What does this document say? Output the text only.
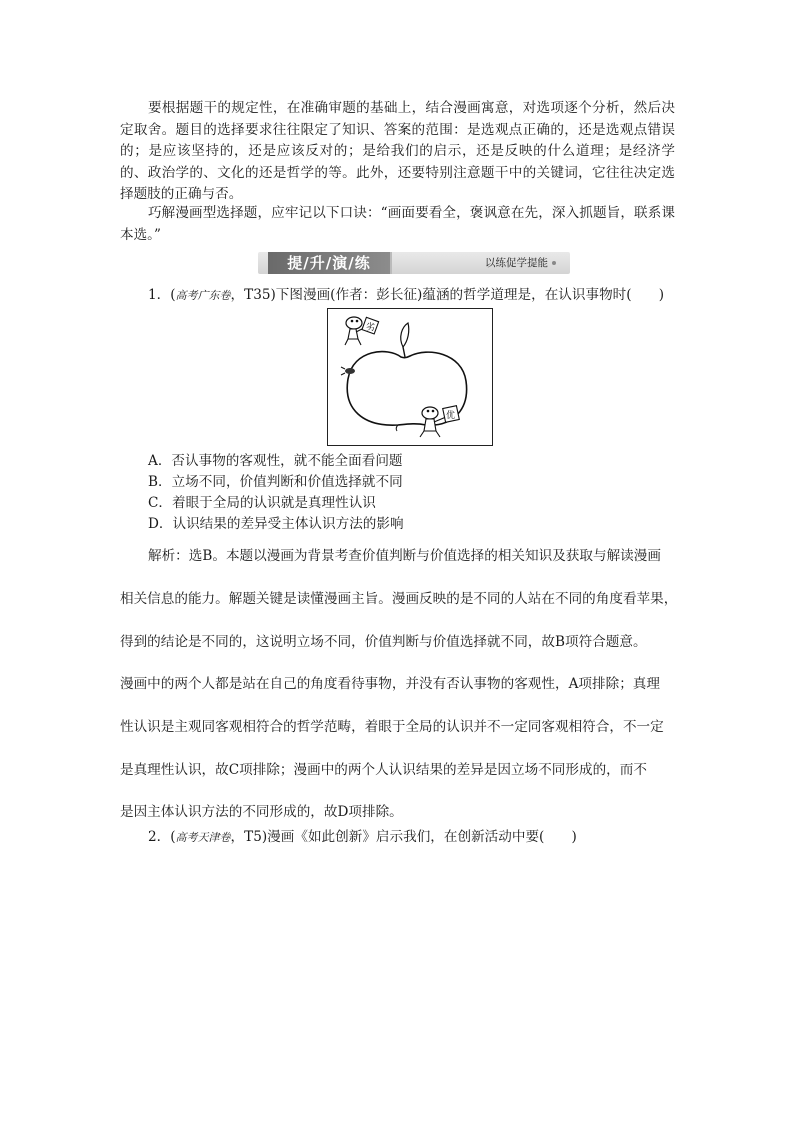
要根据题干的规定性，在准确审题的基础上，结合漫画寓意，对选项逐个分析，然后决定取舍。题目的选择要求往往限定了知识、答案的范围：是选观点正确的，还是选观点错误的；是应该坚持的，还是应该反对的；是给我们的启示，还是反映的什么道理；是经济学的、政治学的、文化的还是哲学的等。此外，还要特别注意题干中的关键词，它往往决定选择题肢的正确与否。
巧解漫画型选择题，应牢记以下口诀：“画面要看全，褒讽意在先，深入抓题旨，联系课本选。”
提/升/演/练	以练促学提能
1．(高考广东卷，T35)下图漫画(作者：彭长征)蕴涵的哲学道理是，在认识事物时(　　)
劣
优
A．否认事物的客观性，就不能全面看问题
B．立场不同，价值判断和价值选择就不同
C．着眼于全局的认识就是真理性认识
D．认识结果的差异受主体认识方法的影响
解析：选B。本题以漫画为背景考查价值判断与价值选择的相关知识及获取与解读漫画
相关信息的能力。解题关键是读懂漫画主旨。漫画反映的是不同的人站在不同的角度看苹果，
得到的结论是不同的，这说明立场不同，价值判断与价值选择就不同，故B项符合题意。
漫画中的两个人都是站在自己的角度看待事物，并没有否认事物的客观性，A项排除；真理
性认识是主观同客观相符合的哲学范畴，着眼于全局的认识并不一定同客观相符合，不一定
是真理性认识，故C项排除；漫画中的两个人认识结果的差异是因立场不同形成的，而不
是因主体认识方法的不同形成的，故D项排除。
2．(高考天津卷，T5)漫画《如此创新》启示我们，在创新活动中要(　　)
